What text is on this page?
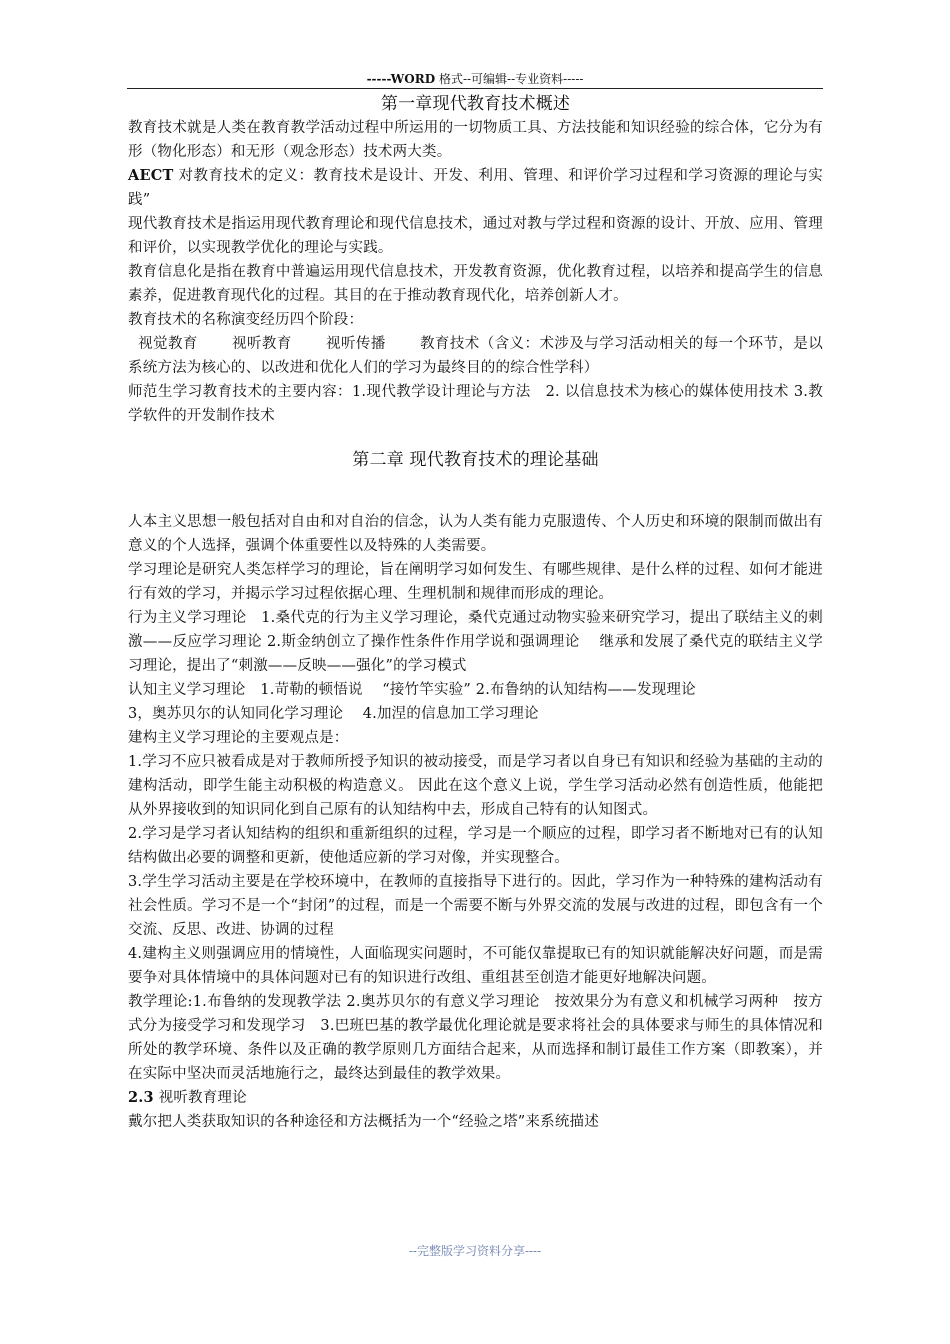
-----WORD 格式--可编辑--专业资料-----

第一章现代教育技术概述

教育技术就是人类在教育教学活动过程中所运用的一切物质工具、方法技能和知识经验的综合体，它分为有形（物化形态）和无形（观念形态）技术两大类。

AECT 对教育技术的定义：教育技术是设计、开发、利用、管理、和评价学习过程和学习资源的理论与实践”

现代教育技术是指运用现代教育理论和现代信息技术，通过对教与学过程和资源的设计、开放、应用、管理和评价，以实现教学优化的理论与实践。

教育信息化是指在教育中普遍运用现代信息技术，开发教育资源，优化教育过程，以培养和提高学生的信息素养，促进教育现代化的过程。其目的在于推动教育现代化，培养创新人才。

教育技术的名称演变经历四个阶段：

视觉教育 视听教育 视听传播 教育技术（含义：术涉及与学习活动相关的每一个环节，是以系统方法为核心的、以改进和优化人们的学习为最终目的的综合性学科）

师范生学习教育技术的主要内容：1.现代教学设计理论与方法　2. 以信息技术为核心的媒体使用技术 3.教学软件的开发制作技术

第二章 现代教育技术的理论基础

人本主义思想一般包括对自由和对自治的信念，认为人类有能力克服遗传、个人历史和环境的限制而做出有意义的个人选择，强调个体重要性以及特殊的人类需要。

学习理论是研究人类怎样学习的理论，旨在阐明学习如何发生、有哪些规律、是什么样的过程、如何才能进行有效的学习，并揭示学习过程依据心理、生理机制和规律而形成的理论。

行为主义学习理论　1.桑代克的行为主义学习理论，桑代克通过动物实验来研究学习，提出了联结主义的刺激——反应学习理论 2.斯金纳创立了操作性条件作用学说和强调理论　 继承和发展了桑代克的联结主义学习理论，提出了“刺激——反映——强化”的学习模式

认知主义学习理论　1.苛勒的顿悟说　 “接竹竿实验” 2.布鲁纳的认知结构——发现理论

3，奥苏贝尔的认知同化学习理论　 4.加涅的信息加工学习理论

建构主义学习理论的主要观点是：

1.学习不应只被看成是对于教师所授予知识的被动接受，而是学习者以自身已有知识和经验为基础的主动的建构活动，即学生能主动积极的构造意义。 因此在这个意义上说，学生学习活动必然有创造性质，他能把从外界接收到的知识同化到自己原有的认知结构中去，形成自己特有的认知图式。

2.学习是学习者认知结构的组织和重新组织的过程，学习是一个顺应的过程，即学习者不断地对已有的认知结构做出必要的调整和更新，使他适应新的学习对像，并实现整合。

3.学生学习活动主要是在学校环境中，在教师的直接指导下进行的。因此，学习作为一种特殊的建构活动有社会性质。学习不是一个“封闭”的过程，而是一个需要不断与外界交流的发展与改进的过程，即包含有一个交流、反思、改进、协调的过程

4.建构主义则强调应用的情境性，人面临现实问题时，不可能仅靠提取已有的知识就能解决好问题，而是需要争对具体情境中的具体问题对已有的知识进行改组、重组甚至创造才能更好地解决问题。

教学理论:1.布鲁纳的发现教学法 2.奥苏贝尔的有意义学习理论　按效果分为有意义和机械学习两种　按方式分为接受学习和发现学习　3.巴班巴基的教学最优化理论就是要求将社会的具体要求与师生的具体情况和所处的教学环境、条件以及正确的教学原则几方面结合起来，从而选择和制订最佳工作方案（即教案），并在实际中坚决而灵活地施行之，最终达到最佳的教学效果。

2.3 视听教育理论

戴尔把人类获取知识的各种途径和方法概括为一个“经验之塔”来系统描述

--完整版学习资料分享----
